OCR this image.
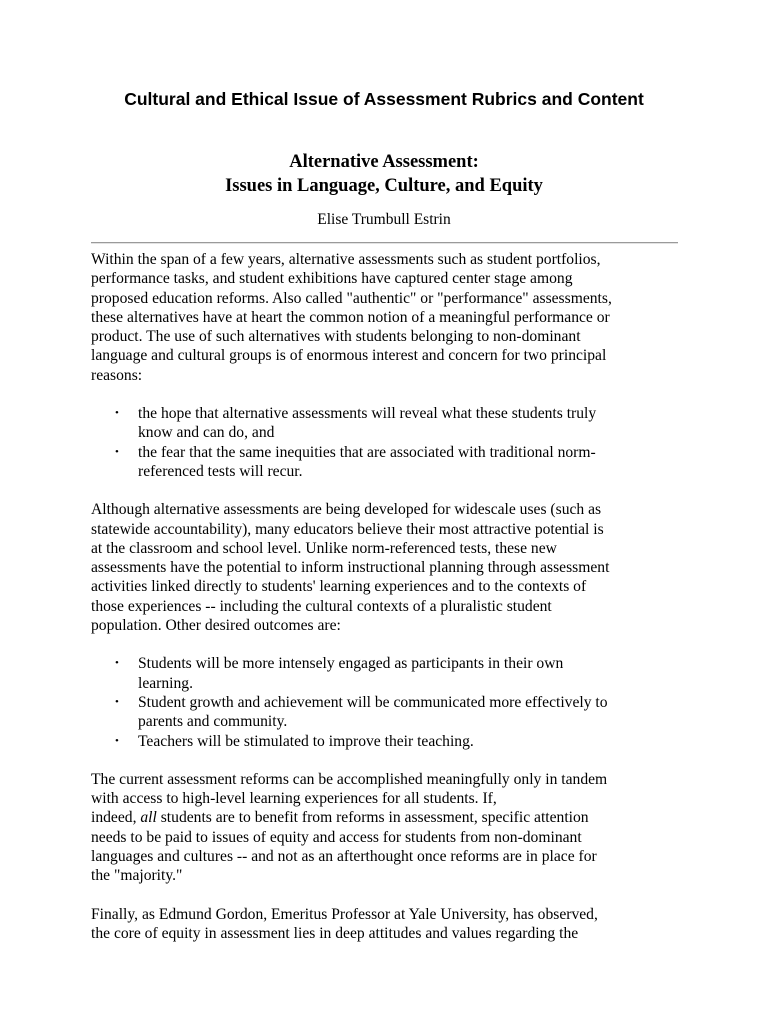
Cultural and Ethical Issue of Assessment Rubrics and Content
Alternative Assessment:
Issues in Language, Culture, and Equity
Elise Trumbull Estrin

Within the span of a few years, alternative assessments such as student portfolios,
performance tasks, and student exhibitions have captured center stage among
proposed education reforms. Also called "authentic" or "performance" assessments,
these alternatives have at heart the common notion of a meaningful performance or
product. The use of such alternatives with students belonging to non-dominant
language and cultural groups is of enormous interest and concern for two principal
reasons:

• the hope that alternative assessments will reveal what these students truly
know and can do, and
• the fear that the same inequities that are associated with traditional norm-
referenced tests will recur.

Although alternative assessments are being developed for widescale uses (such as
statewide accountability), many educators believe their most attractive potential is
at the classroom and school level. Unlike norm-referenced tests, these new
assessments have the potential to inform instructional planning through assessment
activities linked directly to students' learning experiences and to the contexts of
those experiences -- including the cultural contexts of a pluralistic student
population. Other desired outcomes are:

• Students will be more intensely engaged as participants in their own
learning.
• Student growth and achievement will be communicated more effectively to
parents and community.
• Teachers will be stimulated to improve their teaching.

The current assessment reforms can be accomplished meaningfully only in tandem
with access to high-level learning experiences for all students. If,
indeed, all students are to benefit from reforms in assessment, specific attention
needs to be paid to issues of equity and access for students from non-dominant
languages and cultures -- and not as an afterthought once reforms are in place for
the "majority."

Finally, as Edmund Gordon, Emeritus Professor at Yale University, has observed,
the core of equity in assessment lies in deep attitudes and values regarding the
